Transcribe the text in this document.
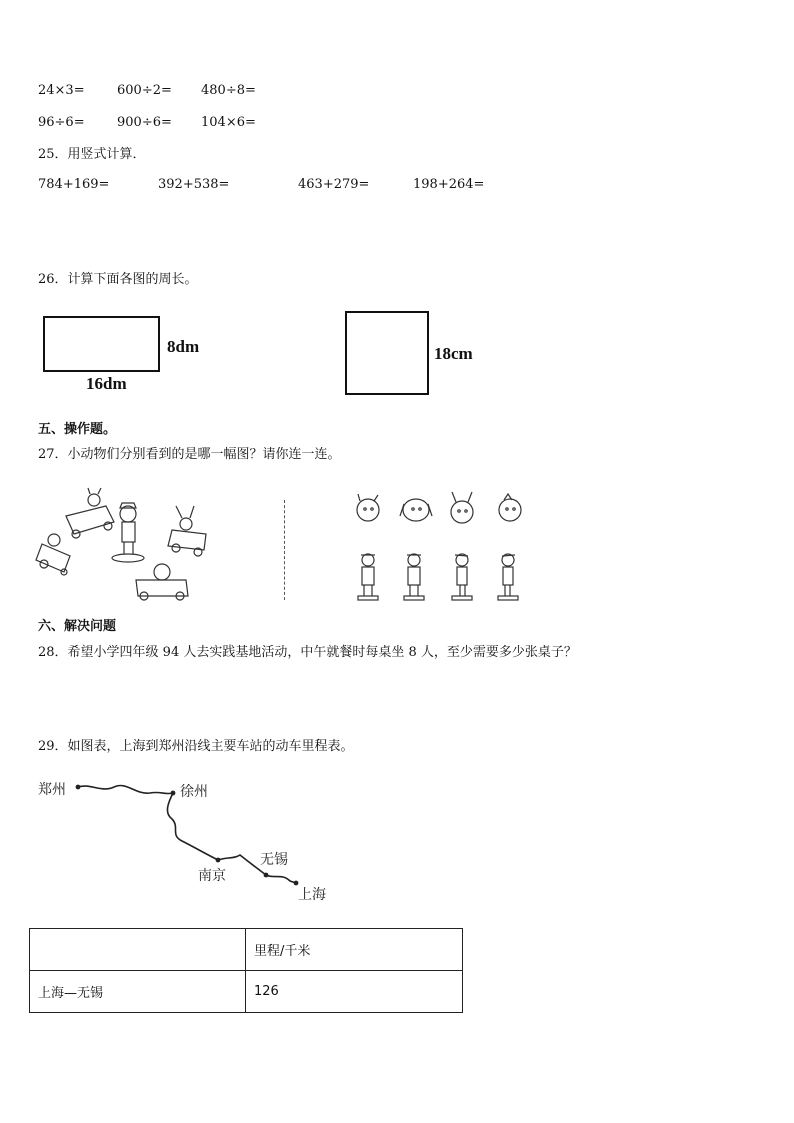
24×3= 600÷2= 480÷8=
96÷6= 900÷6= 104×6=
25．用竖式计算．
784+169=	392+538=	463+279=	198+264=
26．计算下面各图的周长。
8dm
16dm
18cm
五、操作题。
27．小动物们分别看到的是哪一幅图？请你连一连。
六、解决问题
28．希望小学四年级 94 人去实践基地活动，中午就餐时每桌坐 8 人，至少需要多少张桌子？
29．如图表，上海到郑州沿线主要车站的动车里程表。
郑州	徐州
南京
无锡
上海
	里程/千米
上海—无锡	126
